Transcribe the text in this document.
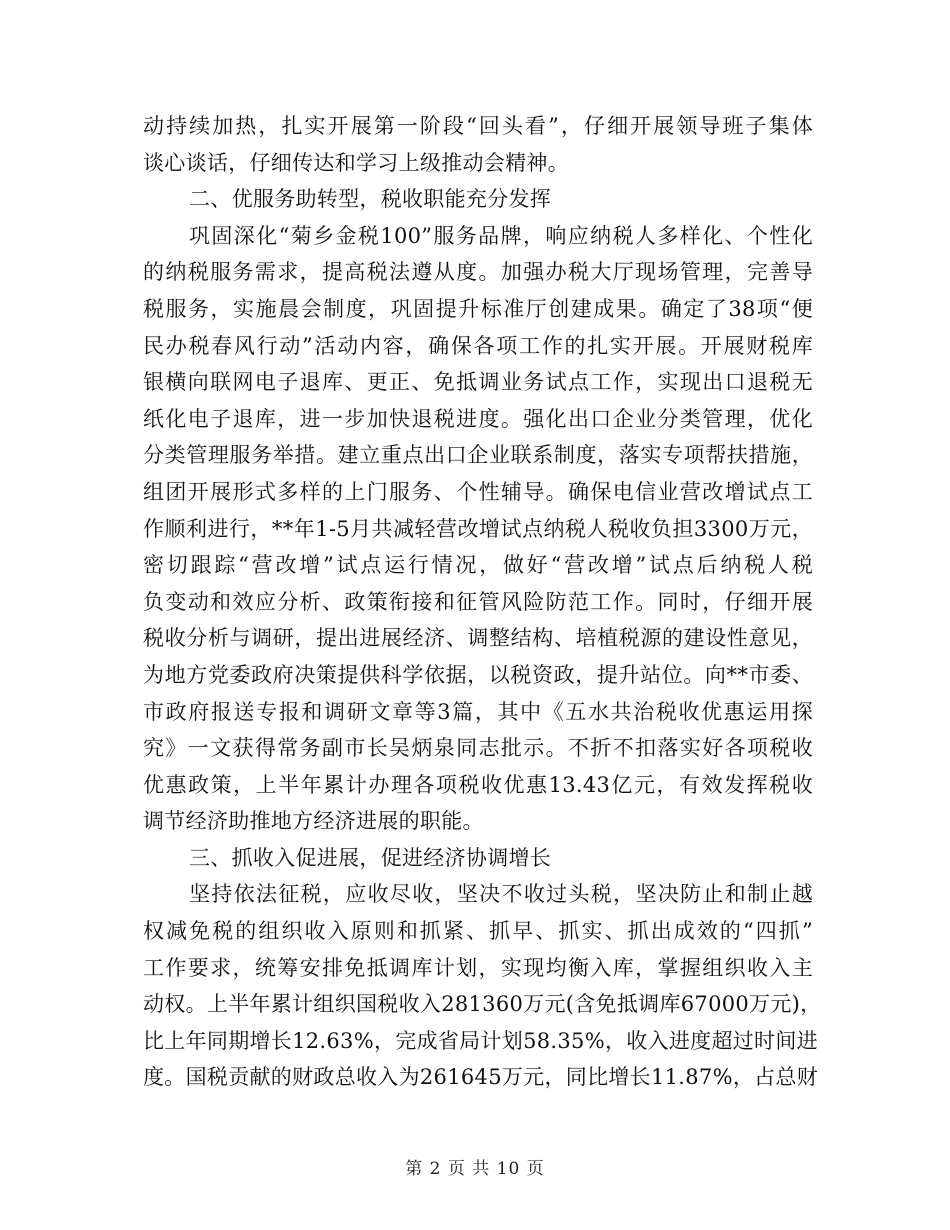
动持续加热，扎实开展第一阶段“回头看”，仔细开展领导班子集体
谈心谈话，仔细传达和学习上级推动会精神。
二、优服务助转型，税收职能充分发挥
巩固深化“菊乡金税100”服务品牌，响应纳税人多样化、个性化
的纳税服务需求，提高税法遵从度。加强办税大厅现场管理，完善导
税服务，实施晨会制度，巩固提升标准厅创建成果。确定了38项“便
民办税春风行动”活动内容，确保各项工作的扎实开展。开展财税库
银横向联网电子退库、更正、免抵调业务试点工作，实现出口退税无
纸化电子退库，进一步加快退税进度。强化出口企业分类管理，优化
分类管理服务举措。建立重点出口企业联系制度，落实专项帮扶措施，
组团开展形式多样的上门服务、个性辅导。确保电信业营改增试点工
作顺利进行，**年1-5月共减轻营改增试点纳税人税收负担3300万元，
密切跟踪“营改增”试点运行情况，做好“营改增”试点后纳税人税
负变动和效应分析、政策衔接和征管风险防范工作。同时，仔细开展
税收分析与调研，提出进展经济、调整结构、培植税源的建设性意见，
为地方党委政府决策提供科学依据，以税资政，提升站位。向**市委、
市政府报送专报和调研文章等3篇，其中《五水共治税收优惠运用探
究》一文获得常务副市长吴炳泉同志批示。不折不扣落实好各项税收
优惠政策，上半年累计办理各项税收优惠13.43亿元，有效发挥税收
调节经济助推地方经济进展的职能。
三、抓收入促进展，促进经济协调增长
坚持依法征税，应收尽收，坚决不收过头税，坚决防止和制止越
权减免税的组织收入原则和抓紧、抓早、抓实、抓出成效的“四抓”
工作要求，统筹安排免抵调库计划，实现均衡入库，掌握组织收入主
动权。上半年累计组织国税收入281360万元(含免抵调库67000万元)，
比上年同期增长12.63%，完成省局计划58.35%，收入进度超过时间进
度。国税贡献的财政总收入为261645万元，同比增长11.87%，占总财
第 2 页 共 10 页
